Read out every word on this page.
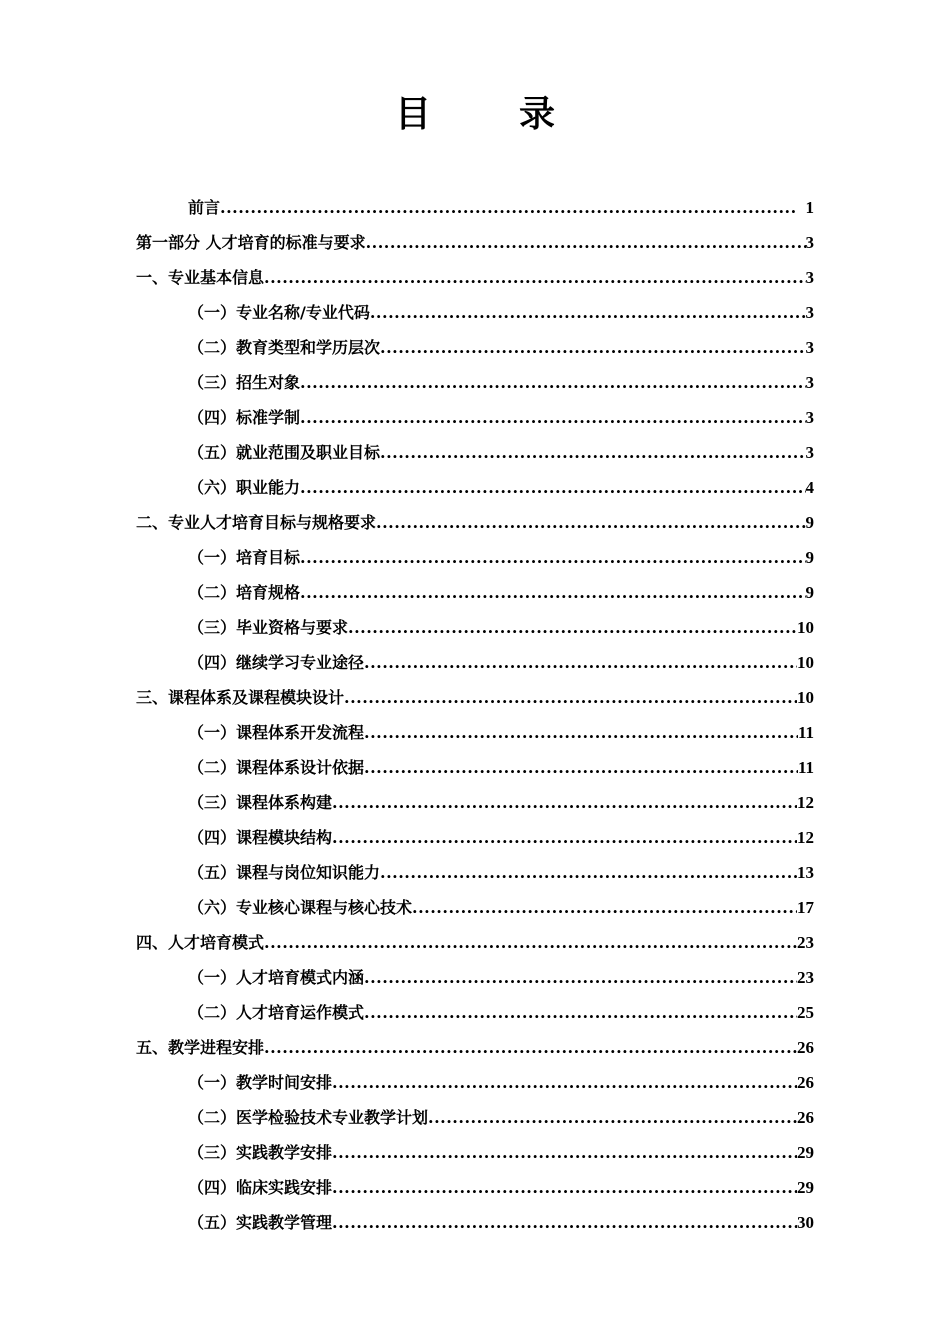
目　录
前言 .....	1
第一部分 人才培育的标准与要求 .....	3
一、专业基本信息 .....	3
（一）专业名称/专业代码 .....	3
（二）教育类型和学历层次 .....	3
（三）招生对象 .....	3
（四）标准学制 .....	3
（五）就业范围及职业目标 .....	3
（六）职业能力 .....	4
二、专业人才培育目标与规格要求 .....	9
（一）培育目标 .....	9
（二）培育规格 .....	9
（三）毕业资格与要求 .....	10
（四）继续学习专业途径 .....	10
三、课程体系及课程模块设计 .....	10
（一）课程体系开发流程 .....	11
（二）课程体系设计依据 .....	11
（三）课程体系构建 .....	12
（四）课程模块结构 .....	12
（五）课程与岗位知识能力 .....	13
（六）专业核心课程与核心技术 .....	17
四、人才培育模式 .....	23
（一）人才培育模式内涵 .....	23
（二）人才培育运作模式 .....	25
五、教学进程安排 .....	26
（一）教学时间安排 .....	26
（二）医学检验技术专业教学计划 .....	26
（三）实践教学安排 .....	29
（四）临床实践安排 .....	29
（五）实践教学管理 .....	30
